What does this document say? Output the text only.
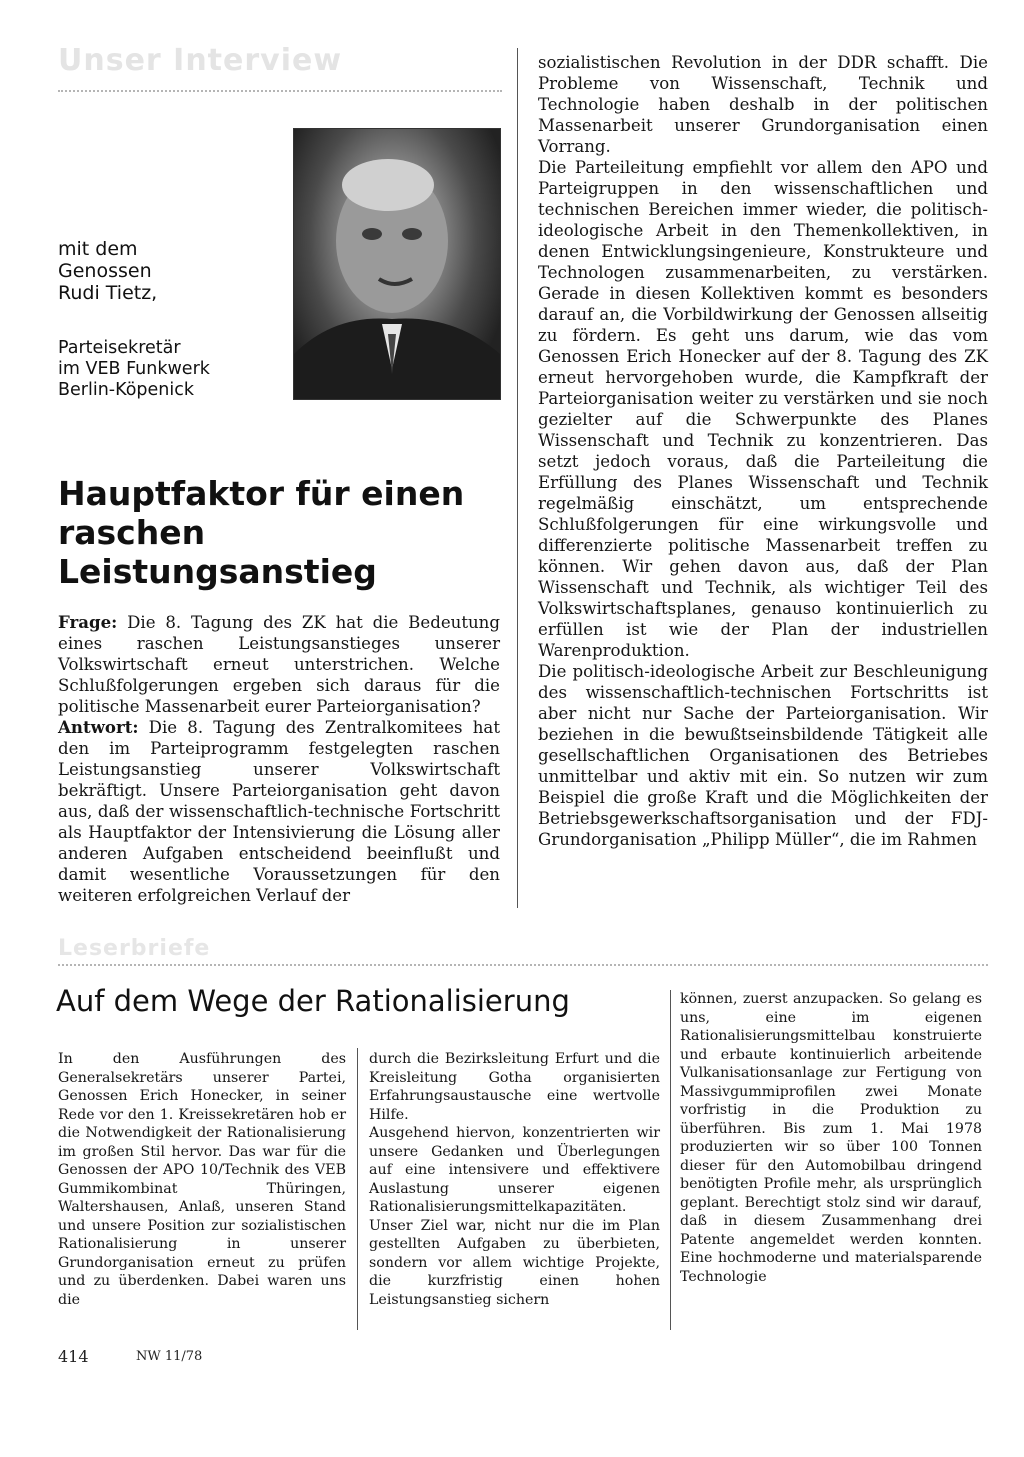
Unser Interview

mit dem

Genossen

Rudi Tietz,

Parteisekretär

im VEB Funkwerk

Berlin-Köpenick

Hauptfaktor für einen raschen Leistungsanstieg

Frage: Die 8. Tagung des ZK hat die Bedeutung eines raschen Leistungsanstieges unserer Volkswirtschaft erneut unterstrichen. Welche Schlußfolgerungen ergeben sich daraus für die politische Massenarbeit eurer Parteiorganisation?

Antwort: Die 8. Tagung des Zentralkomitees hat den im Parteiprogramm festgelegten raschen Leistungsanstieg unserer Volkswirtschaft bekräftigt. Unsere Parteiorganisation geht davon aus, daß der wissenschaftlich-technische Fortschritt als Hauptfaktor der Intensivierung die Lösung aller anderen Aufgaben entscheidend beeinflußt und damit wesentliche Voraussetzungen für den weiteren erfolgreichen Verlauf der

sozialistischen Revolution in der DDR schafft. Die Probleme von Wissenschaft, Technik und Technologie haben deshalb in der politischen Massenarbeit unserer Grundorganisation einen Vorrang.

Die Parteileitung empfiehlt vor allem den APO und Parteigruppen in den wissenschaftlichen und technischen Bereichen immer wieder, die politisch-ideologische Arbeit in den Themenkollektiven, in denen Entwicklungsingenieure, Konstrukteure und Technologen zusammenarbeiten, zu verstärken. Gerade in diesen Kollektiven kommt es besonders darauf an, die Vorbildwirkung der Genossen allseitig zu fördern. Es geht uns darum, wie das vom Genossen Erich Honecker auf der 8. Tagung des ZK erneut hervorgehoben wurde, die Kampfkraft der Parteiorganisation weiter zu verstärken und sie noch gezielter auf die Schwerpunkte des Planes Wissenschaft und Technik zu konzentrieren. Das setzt jedoch voraus, daß die Parteileitung die Erfüllung des Planes Wissenschaft und Technik regelmäßig einschätzt, um entsprechende Schlußfolgerungen für eine wirkungsvolle und differenzierte politische Massenarbeit treffen zu können. Wir gehen davon aus, daß der Plan Wissenschaft und Technik, als wichtiger Teil des Volkswirtschaftsplanes, genauso kontinuierlich zu erfüllen ist wie der Plan der industriellen Warenproduktion.

Die politisch-ideologische Arbeit zur Beschleunigung des wissenschaftlich-technischen Fortschritts ist aber nicht nur Sache der Parteiorganisation. Wir beziehen in die bewußtseinsbildende Tätigkeit alle gesellschaftlichen Organisationen des Betriebes unmittelbar und aktiv mit ein. So nutzen wir zum Beispiel die große Kraft und die Möglichkeiten der Betriebsgewerkschaftsorganisation und der FDJ-Grundorganisation „Philipp Müller“, die im Rahmen

Leserbriefe
Auf dem Wege der Rationalisierung

In den Ausführungen des Generalsekretärs unserer Partei, Genossen Erich Honecker, in seiner Rede vor den 1. Kreissekretären hob er die Notwendigkeit der Rationalisierung im großen Stil hervor. Das war für die Genossen der APO 10/Technik des VEB Gummikombinat Thüringen, Waltershausen, Anlaß, unseren Stand und unsere Position zur sozialistischen Rationalisierung in unserer Grundorganisation erneut zu prüfen und zu überdenken. Dabei waren uns die

durch die Bezirksleitung Erfurt und die Kreisleitung Gotha organisierten Erfahrungsaustausche eine wertvolle Hilfe.

Ausgehend hiervon, konzentrierten wir unsere Gedanken und Überlegungen auf eine intensivere und effektivere Auslastung unserer eigenen Rationalisierungsmittelkapazitäten. Unser Ziel war, nicht nur die im Plan gestellten Aufgaben zu überbieten, sondern vor allem wichtige Projekte, die kurzfristig einen hohen Leistungsanstieg sichern

können, zuerst anzupacken. So gelang es uns, eine im eigenen Rationalisierungsmittelbau konstruierte und erbaute kontinuierlich arbeitende Vulkanisationsanlage zur Fertigung von Massivgummiprofilen zwei Monate vorfristig in die Produktion zu überführen. Bis zum 1. Mai 1978 produzierten wir so über 100 Tonnen dieser für den Automobilbau dringend benötigten Profile mehr, als ursprünglich geplant. Berechtigt stolz sind wir darauf, daß in diesem Zusammenhang drei Patente angemeldet werden konnten. Eine hochmoderne und materialsparende Technologie

414	NW 11/78
